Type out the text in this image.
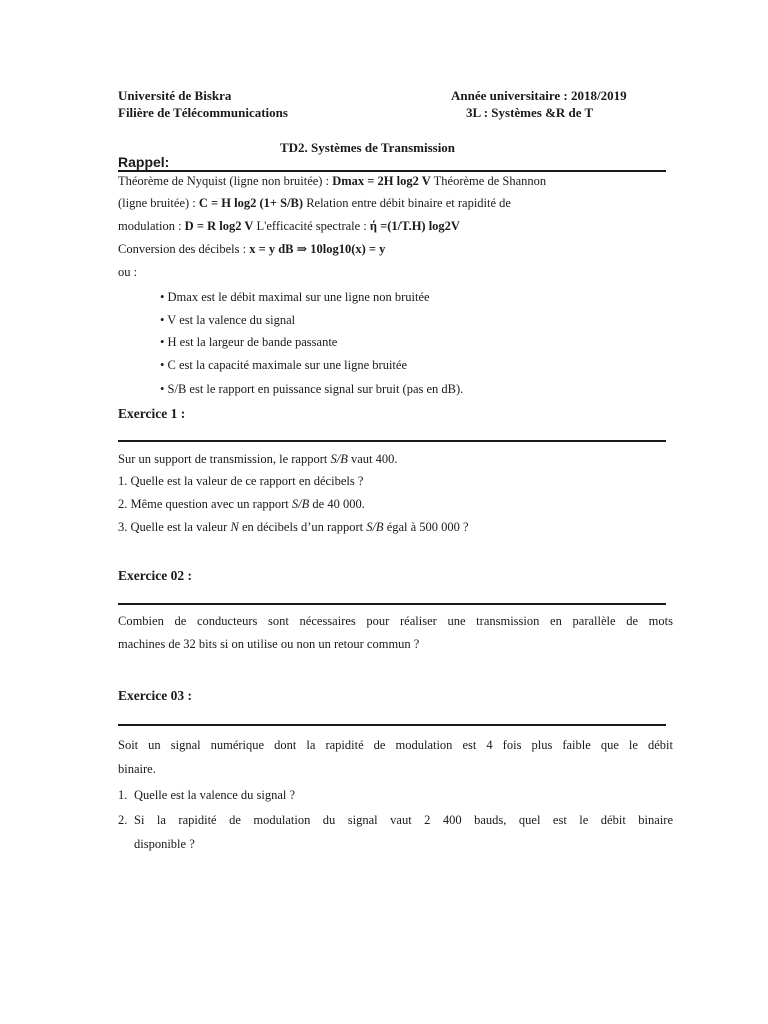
Université de Biskra
Filière de Télécommunications
Année universitaire : 2018/2019
3L : Systèmes &R de T
TD2. Systèmes de Transmission
Rappel:
Théorème de Nyquist (ligne non bruitée) : Dmax = 2H log2 V Théorème de Shannon
(ligne bruitée) : C = H log2 (1+ S/B) Relation entre débit binaire et rapidité de
modulation : D = R log2 V L'efficacité spectrale : ή =(1/T.H) log2V
Conversion des décibels : x = y dB ⇒ 10log10(x) = y
ou :
• Dmax est le débit maximal sur une ligne non bruitée
• V est la valence du signal
• H est la largeur de bande passante
• C est la capacité maximale sur une ligne bruitée
• S/B est le rapport en puissance signal sur bruit (pas en dB).
Exercice 1 :
Sur un support de transmission, le rapport S/B vaut 400.
1. Quelle est la valeur de ce rapport en décibels ?
2. Même question avec un rapport S/B de 40 000.
3. Quelle est la valeur N en décibels d’un rapport S/B égal à 500 000 ?
Exercice 02 :
Combien de conducteurs sont nécessaires pour réaliser une transmission en parallèle de mots
machines de 32 bits si on utilise ou non un retour commun ?
Exercice 03 :
Soit un signal numérique dont la rapidité de modulation est 4 fois plus faible que le débit
binaire.
1. Quelle est la valence du signal ?
2. Si la rapidité de modulation du signal vaut 2 400 bauds, quel est le débit binaire
disponible ?
